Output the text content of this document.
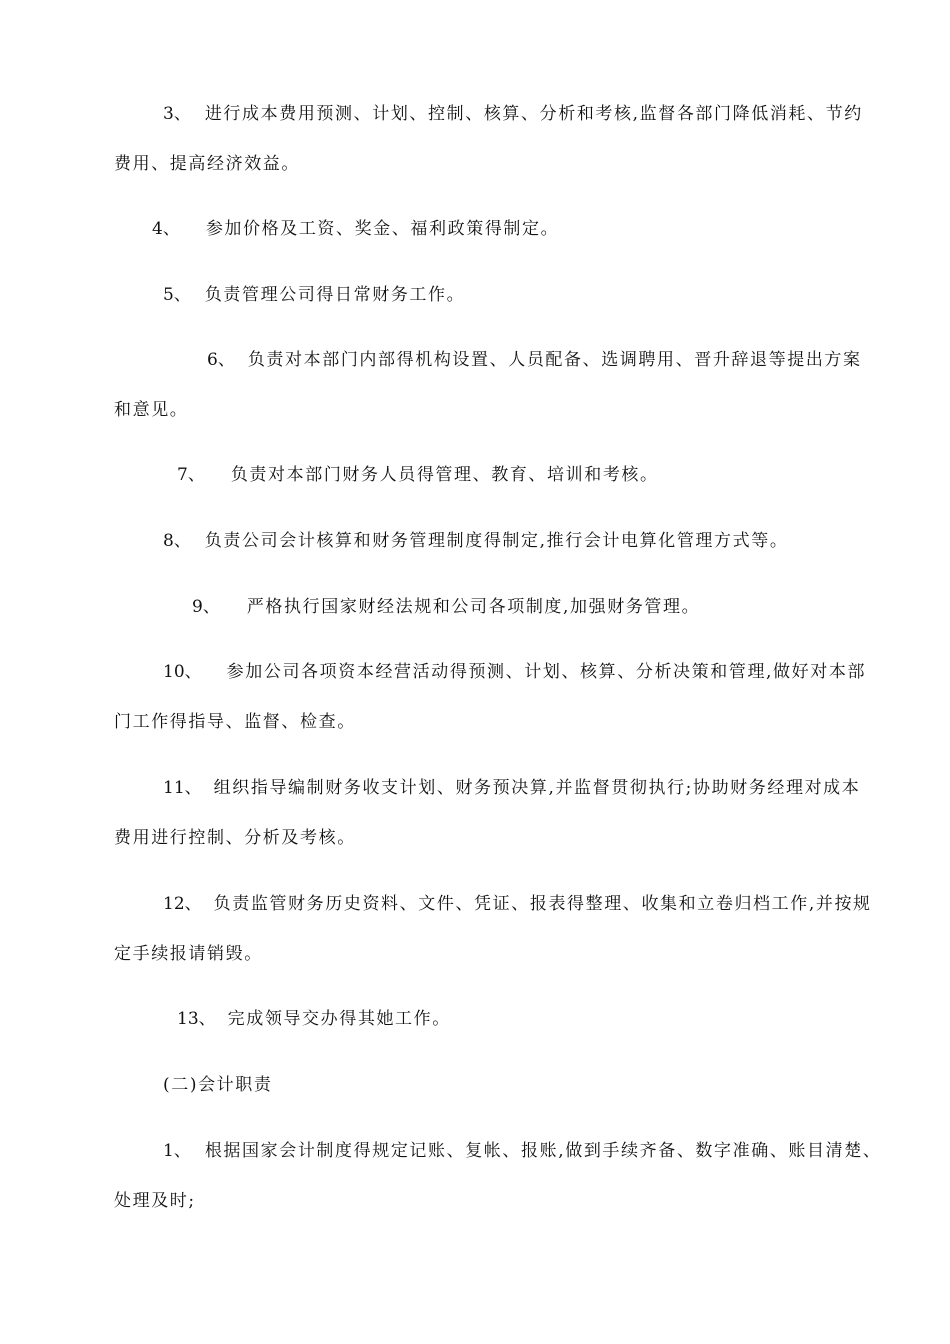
3、 进行成本费用预测、计划、控制、核算、分析和考核,监督各部门降低消耗、节约
费用、提高经济效益。
4、 参加价格及工资、奖金、福利政策得制定。
5、 负责管理公司得日常财务工作。
6、 负责对本部门内部得机构设置、人员配备、选调聘用、晋升辞退等提出方案
和意见。
7、 负责对本部门财务人员得管理、教育、培训和考核。
8、 负责公司会计核算和财务管理制度得制定,推行会计电算化管理方式等。
9、 严格执行国家财经法规和公司各项制度,加强财务管理。
10、 参加公司各项资本经营活动得预测、计划、核算、分析决策和管理,做好对本部
门工作得指导、监督、检查。
11、 组织指导编制财务收支计划、财务预决算,并监督贯彻执行;协助财务经理对成本
费用进行控制、分析及考核。
12、 负责监管财务历史资料、文件、凭证、报表得整理、收集和立卷归档工作,并按规
定手续报请销毁。
13、 完成领导交办得其她工作。
(二)会计职责
1、 根据国家会计制度得规定记账、复帐、报账,做到手续齐备、数字准确、账目清楚、
处理及时;
